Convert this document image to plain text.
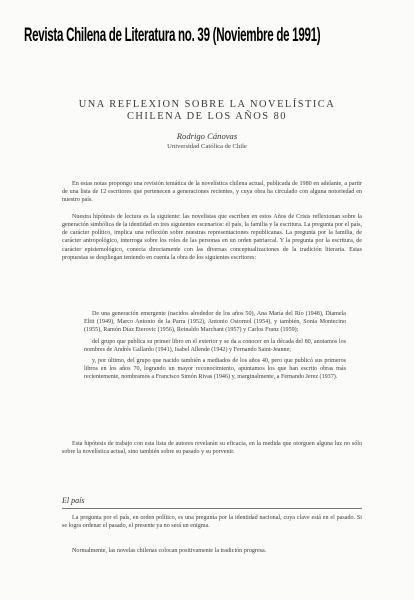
Revista Chilena de Literatura no. 39 (Noviembre de 1991)
UNA REFLEXION SOBRE LA NOVELÍSTICA
CHILENA DE LOS AÑOS 80
Rodrigo Cánovas
Universidad Católica de Chile

En estas notas propongo una revisión temática de la novelística chilena actual, publicada de 1980 en adelante, a partir de una lista de 12 escritores que pertenecen a generaciones recientes, y cuya obra ha circulado con alguna notoriedad en nuestro país.

Nuestra hipótesis de lectura es la siguiente: las novelistas que escriben en estos Años de Crisis reflexionan sobre la generación simbólica de la identidad en tres siguientes escenarios: el país, la familia y la escritura. La pregunta por el país, de carácter político, implica una reflexión sobre nuestras representaciones republicanas. La pregunta por la familia, de carácter antropológico, interroga sobre los roles de las personas en un orden patriarcal. Y la pregunta por la escritura, de carácter epistemológico, conecta directamente con las diversas conceptualizaciones de la tradición literaria. Estas propuestas se despliegan teniendo en cuenta la obra de los siguientes escritores:

De una generación emergente (nacidos alrededor de los años 50), Ana María del Río (1948), Diamela Eltit (1949), Marco Antonio de la Parra (1952), Antonio Ostornol (1954), y también, Sonia Montecino (1955), Ramón Díaz Eterovic (1956), Reinaldo Marchant (1957) y Carlos Franz (1959);

del grupo que publica su primer libro en el exterior y se da a conocer en la década del 80, anotamos los nombres de Andrés Gallardo (1941), Isabel Allende (1942) y Fernando Saint-Jeanne;

y, por último, del grupo que nacido también a mediados de los años 40, pero que publicó sus primeros libros en los años 70, logrando un mayor reconocimiento, apuntamos los que han escrito obras más recientemente, nombramos a Francisco Simón Rivas (1946) y, marginalmente, a Fernando Jerez (1937).

Esta hipótesis de trabajo con esta lista de autores revelarán su eficacia, en la medida que otorguen alguna luz no sólo sobre la novelística actual, sino también sobre su pasado y su porvenir.

El país

La pregunta por el país, en orden político, es una pregunta por la identidad nacional, cuya clave está en el pasado. Si se logra ordenar el pasado, el presente ya no será un enigma.

Normalmente, las novelas chilenas colocan positivamente la tradición progresa.
